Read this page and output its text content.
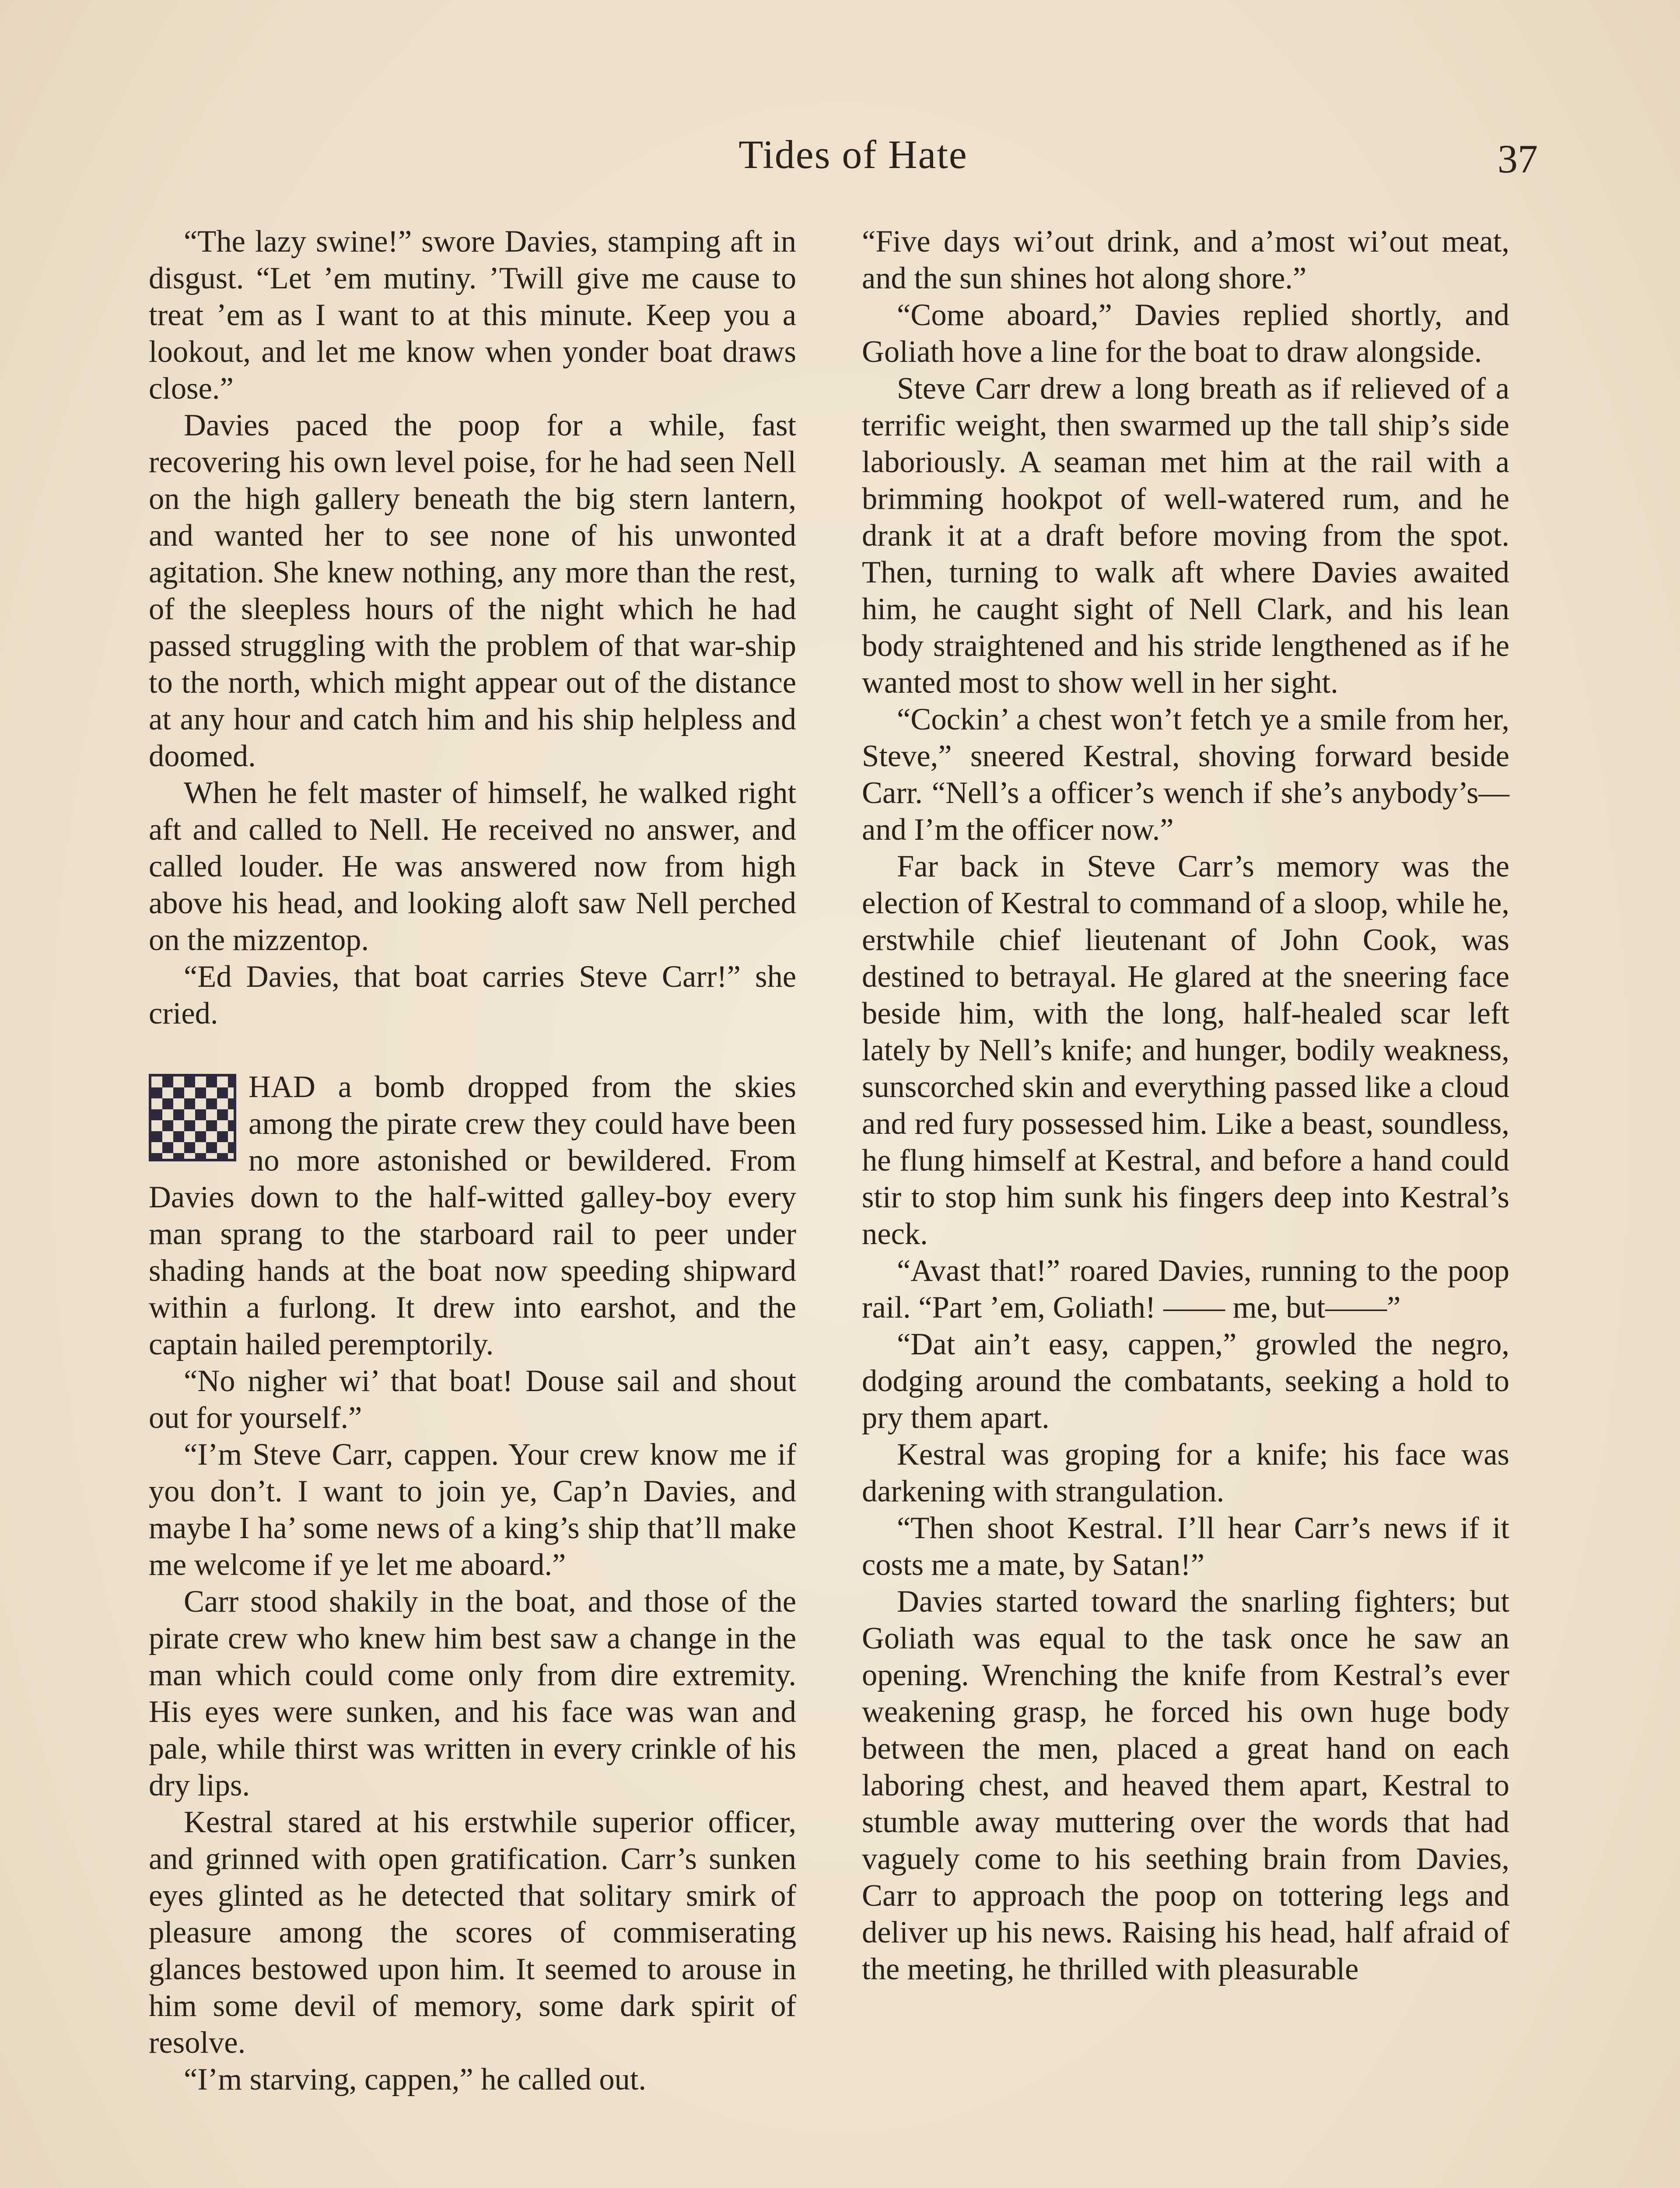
Tides of Hate	37

“The lazy swine!” swore Davies, stamping aft in disgust. “Let ’em mutiny. ’Twill give me cause to treat ’em as I want to at this minute. Keep you a lookout, and let me know when yonder boat draws close.”

Davies paced the poop for a while, fast recovering his own level poise, for he had seen Nell on the high gallery beneath the big stern lantern, and wanted her to see none of his unwonted agitation. She knew nothing, any more than the rest, of the sleepless hours of the night which he had passed struggling with the problem of that war-ship to the north, which might appear out of the distance at any hour and catch him and his ship helpless and doomed.

When he felt master of himself, he walked right aft and called to Nell. He received no answer, and called louder. He was answered now from high above his head, and looking aloft saw Nell perched on the mizzentop.

“Ed Davies, that boat carries Steve Carr!” she cried.

HAD a bomb dropped from the skies among the pirate crew they could have been no more astonished or bewildered. From Davies down to the half-witted galley-boy every man sprang to the starboard rail to peer under shading hands at the boat now speeding shipward within a furlong. It drew into earshot, and the captain hailed peremptorily.

“No nigher wi’ that boat! Douse sail and shout out for yourself.”

“I’m Steve Carr, cappen. Your crew know me if you don’t. I want to join ye, Cap’n Davies, and maybe I ha’ some news of a king’s ship that’ll make me welcome if ye let me aboard.”

Carr stood shakily in the boat, and those of the pirate crew who knew him best saw a change in the man which could come only from dire extremity. His eyes were sunken, and his face was wan and pale, while thirst was written in every crinkle of his dry lips.

Kestral stared at his erstwhile superior officer, and grinned with open gratification. Carr’s sunken eyes glinted as he detected that solitary smirk of pleasure among the scores of commiserating glances bestowed upon him. It seemed to arouse in him some devil of memory, some dark spirit of resolve.

“I’m starving, cappen,” he called out.

“Five days wi’out drink, and a’most wi’out meat, and the sun shines hot along shore.”

“Come aboard,” Davies replied shortly, and Goliath hove a line for the boat to draw alongside.

Steve Carr drew a long breath as if relieved of a terrific weight, then swarmed up the tall ship’s side laboriously. A seaman met him at the rail with a brimming hookpot of well-watered rum, and he drank it at a draft before moving from the spot. Then, turning to walk aft where Davies awaited him, he caught sight of Nell Clark, and his lean body straightened and his stride lengthened as if he wanted most to show well in her sight.

“Cockin’ a chest won’t fetch ye a smile from her, Steve,” sneered Kestral, shoving forward beside Carr. “Nell’s a officer’s wench if she’s anybody’s—and I’m the officer now.”

Far back in Steve Carr’s memory was the election of Kestral to command of a sloop, while he, erstwhile chief lieutenant of John Cook, was destined to betrayal. He glared at the sneering face beside him, with the long, half-healed scar left lately by Nell’s knife; and hunger, bodily weakness, sunscorched skin and everything passed like a cloud and red fury possessed him. Like a beast, soundless, he flung himself at Kestral, and before a hand could stir to stop him sunk his fingers deep into Kestral’s neck.

“Avast that!” roared Davies, running to the poop rail. “Part ’em, Goliath! —— me, but——”

“Dat ain’t easy, cappen,” growled the negro, dodging around the combatants, seeking a hold to pry them apart.

Kestral was groping for a knife; his face was darkening with strangulation.

“Then shoot Kestral. I’ll hear Carr’s news if it costs me a mate, by Satan!”

Davies started toward the snarling fighters; but Goliath was equal to the task once he saw an opening. Wrenching the knife from Kestral’s ever weakening grasp, he forced his own huge body between the men, placed a great hand on each laboring chest, and heaved them apart, Kestral to stumble away muttering over the words that had vaguely come to his seething brain from Davies, Carr to approach the poop on tottering legs and deliver up his news. Raising his head, half afraid of the meeting, he thrilled with pleasurable
